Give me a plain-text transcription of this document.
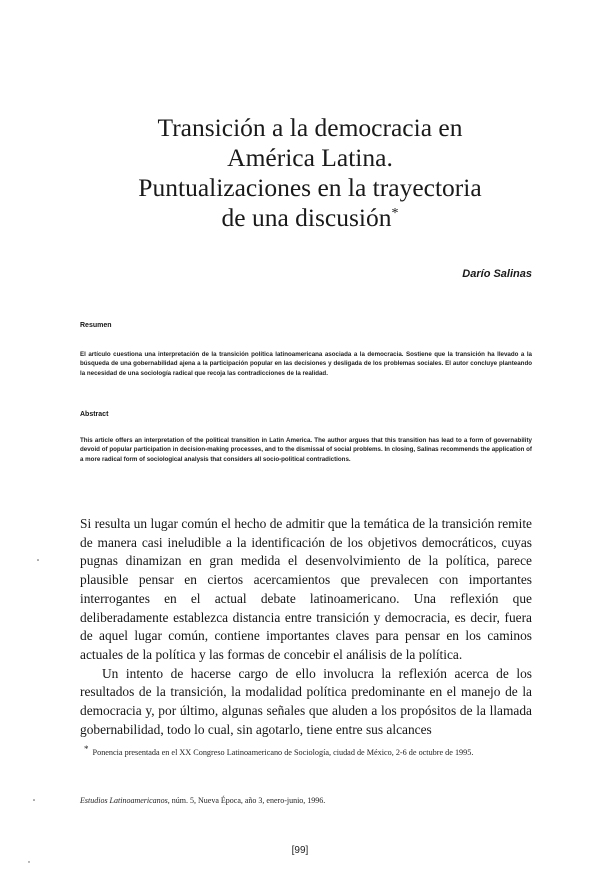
Transición a la democracia en
América Latina.
Puntualizaciones en la trayectoria
de una discusión*
Darío Salinas
Resumen
El artículo cuestiona una interpretación de la transición política latinoamericana asociada a la democracia. Sostiene que la transición ha llevado a la búsqueda de una gobernabilidad ajena a la participación popular en las decisiones y desligada de los problemas sociales. El autor concluye planteando la necesidad de una sociología radical que recoja las contradicciones de la realidad.
Abstract
This article offers an interpretation of the political transition in Latin America. The author argues that this transition has lead to a form of governability devoid of popular participation in decision-making processes, and to the dismissal of social problems. In closing, Salinas recommends the application of a more radical form of sociological analysis that considers all socio-political contradictions.

Si resulta un lugar común el hecho de admitir que la temática de la transición remite de manera casi ineludible a la identificación de los objetivos democráticos, cuyas pugnas dinamizan en gran medida el desenvolvimiento de la política, parece plausible pensar en ciertos acercamientos que prevalecen con importantes interrogantes en el actual debate latinoamericano. Una reflexión que deliberadamente establezca distancia entre transición y democracia, es decir, fuera de aquel lugar común, contiene importantes claves para pensar en los caminos actuales de la política y las formas de concebir el análisis de la política.

Un intento de hacerse cargo de ello involucra la reflexión acerca de los resultados de la transición, la modalidad política predominante en el manejo de la democracia y, por último, algunas señales que aluden a los propósitos de la llamada gobernabilidad, todo lo cual, sin agotarlo, tiene entre sus alcances

* Ponencia presentada en el XX Congreso Latinoamericano de Sociología, ciudad de México, 2-6 de octubre de 1995.
Estudios Latinoamericanos, núm. 5, Nueva Época, año 3, enero-junio, 1996.
[99]
